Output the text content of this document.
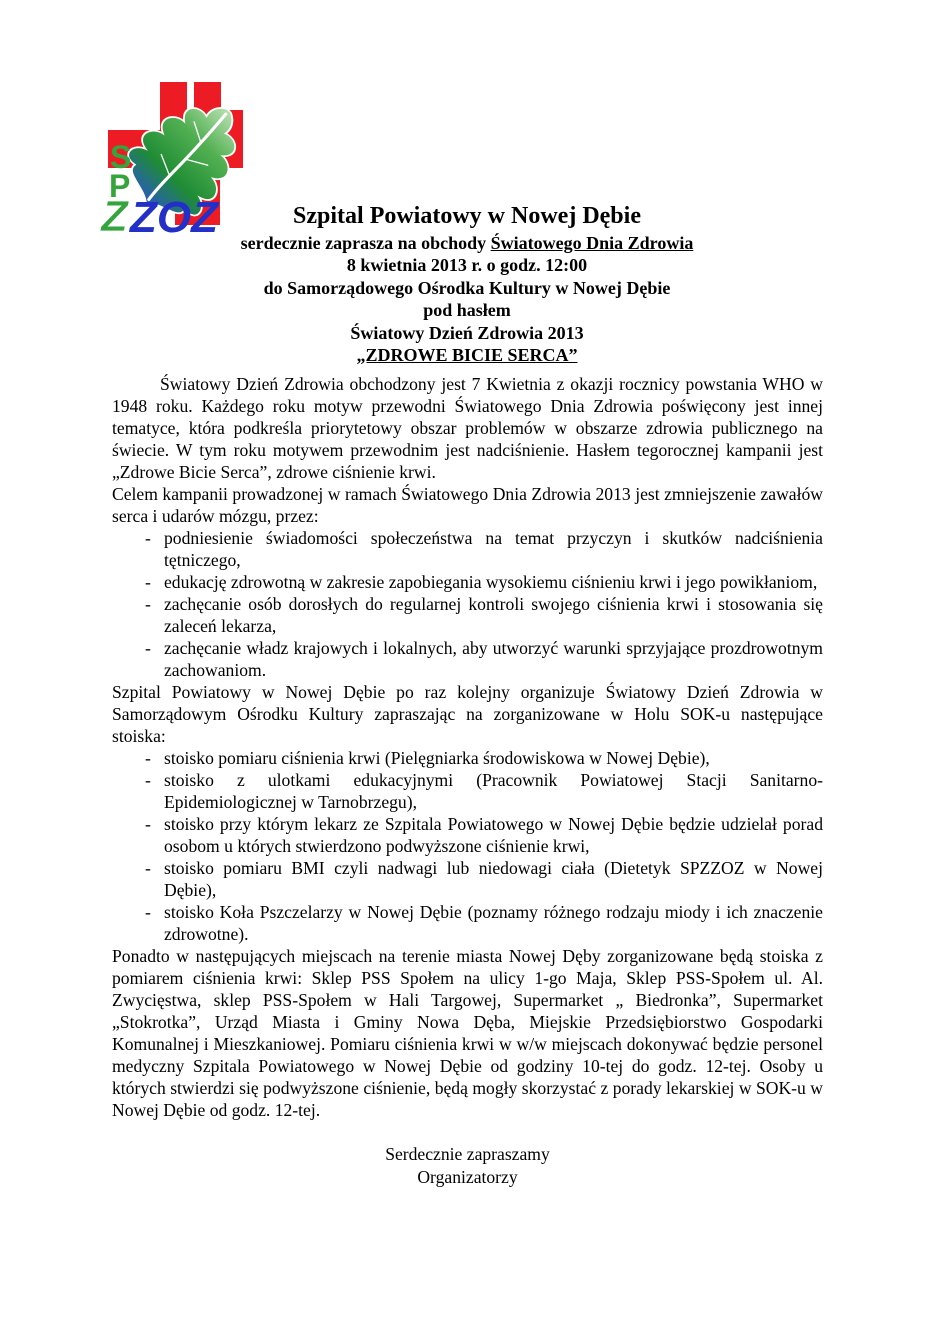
S
P
ZOZ
Z	Szpital Powiatowy w Nowej Dębie
serdecznie zaprasza na obchody Światowego Dnia Zdrowia
8 kwietnia 2013 r. o godz. 12:00
do Samorządowego Ośrodka Kultury w Nowej Dębie
pod hasłem
Światowy Dzień Zdrowia 2013
„ZDROWE BICIE SERCA”
Światowy Dzień Zdrowia obchodzony jest 7 Kwietnia z okazji rocznicy powstania WHO w 1948 roku. Każdego roku motyw przewodni Światowego Dnia Zdrowia poświęcony jest innej tematyce, która podkreśla priorytetowy obszar problemów w obszarze zdrowia publicznego na świecie. W tym roku motywem przewodnim jest nadciśnienie. Hasłem tegorocznej kampanii jest „Zdrowe Bicie Serca”, zdrowe ciśnienie krwi.
Celem kampanii prowadzonej w ramach Światowego Dnia Zdrowia 2013 jest zmniejszenie zawałów serca i udarów mózgu, przez:
- podniesienie świadomości społeczeństwa na temat przyczyn i skutków nadciśnienia tętniczego,
- edukację zdrowotną w zakresie zapobiegania wysokiemu ciśnieniu krwi i jego powikłaniom,
- zachęcanie osób dorosłych do regularnej kontroli swojego ciśnienia krwi i stosowania się zaleceń lekarza,
- zachęcanie władz krajowych i lokalnych, aby utworzyć warunki sprzyjające prozdrowotnym zachowaniom.
Szpital Powiatowy w Nowej Dębie po raz kolejny organizuje Światowy Dzień Zdrowia w Samorządowym Ośrodku Kultury zapraszając na zorganizowane w Holu SOK-u następujące stoiska:
- stoisko pomiaru ciśnienia krwi (Pielęgniarka środowiskowa w Nowej Dębie),
- stoisko z ulotkami edukacyjnymi (Pracownik Powiatowej Stacji Sanitarno-Epidemiologicznej w Tarnobrzegu),
- stoisko przy którym lekarz ze Szpitala Powiatowego w Nowej Dębie będzie udzielał porad osobom u których stwierdzono podwyższone ciśnienie krwi,
- stoisko pomiaru BMI czyli nadwagi lub niedowagi ciała (Dietetyk SPZZOZ w Nowej Dębie),
- stoisko Koła Pszczelarzy w Nowej Dębie (poznamy różnego rodzaju miody i ich znaczenie zdrowotne).
Ponadto w następujących miejscach na terenie miasta Nowej Dęby zorganizowane będą stoiska z pomiarem ciśnienia krwi: Sklep PSS Społem na ulicy 1-go Maja, Sklep PSS-Społem ul. Al. Zwycięstwa, sklep PSS-Społem w Hali Targowej, Supermarket „ Biedronka”, Supermarket „Stokrotka”, Urząd Miasta i Gminy Nowa Dęba, Miejskie Przedsiębiorstwo Gospodarki Komunalnej i Mieszkaniowej. Pomiaru ciśnienia krwi w w/w miejscach dokonywać będzie personel medyczny Szpitala Powiatowego w Nowej Dębie od godziny 10-tej do godz. 12-tej. Osoby u których stwierdzi się podwyższone ciśnienie, będą mogły skorzystać z porady lekarskiej w SOK-u w Nowej Dębie od godz. 12-tej.
Serdecznie zapraszamy
Organizatorzy
